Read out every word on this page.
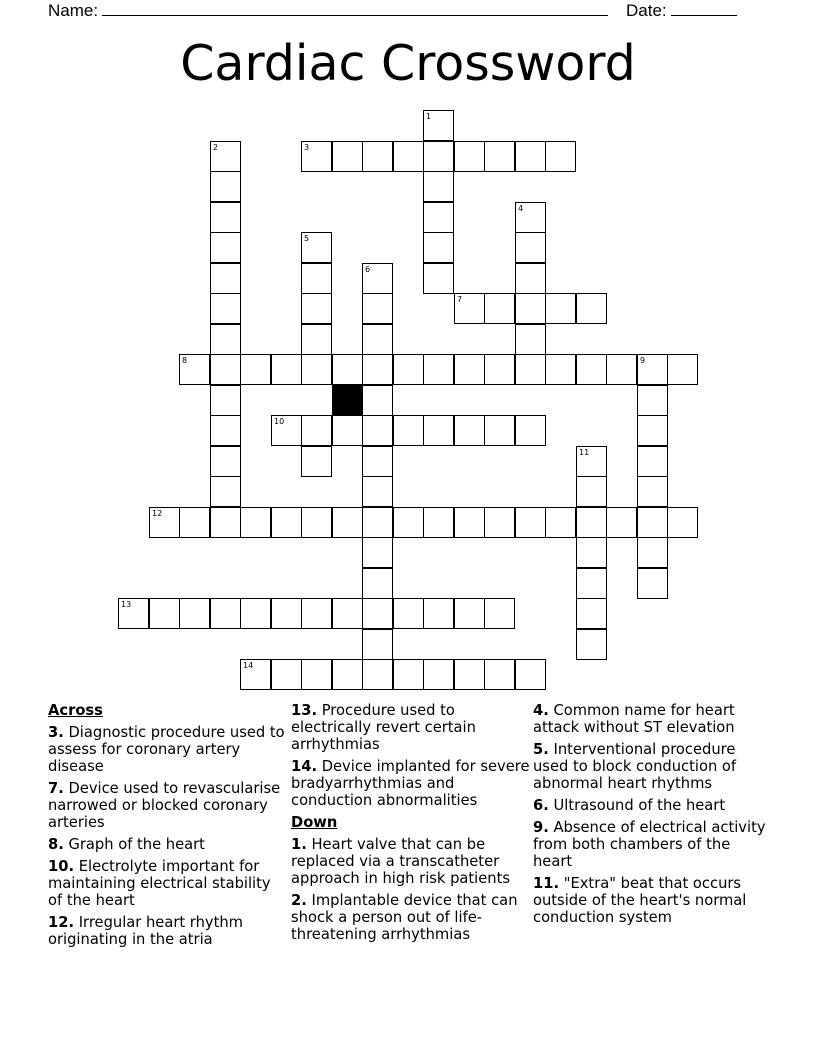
Name:	Date:
Cardiac Crossword
1
2	3
4
5
6
7
8	9
10
11
12
13
14
Across
3. Diagnostic procedure used to assess for coronary artery disease
7. Device used to revascularise narrowed or blocked coronary arteries
8. Graph of the heart
10. Electrolyte important for maintaining electrical stability of the heart
12. Irregular heart rhythm originating in the atria
13. Procedure used to electrically revert certain arrhythmias
14. Device implanted for severe bradyarrhythmias and conduction abnormalities
Down
1. Heart valve that can be replaced via a transcatheter approach in high risk patients
2. Implantable device that can shock a person out of life-threatening arrhythmias
4. Common name for heart attack without ST elevation
5. Interventional procedure used to block conduction of abnormal heart rhythms
6. Ultrasound of the heart
9. Absence of electrical activity from both chambers of the heart
11. "Extra" beat that occurs outside of the heart's normal conduction system
